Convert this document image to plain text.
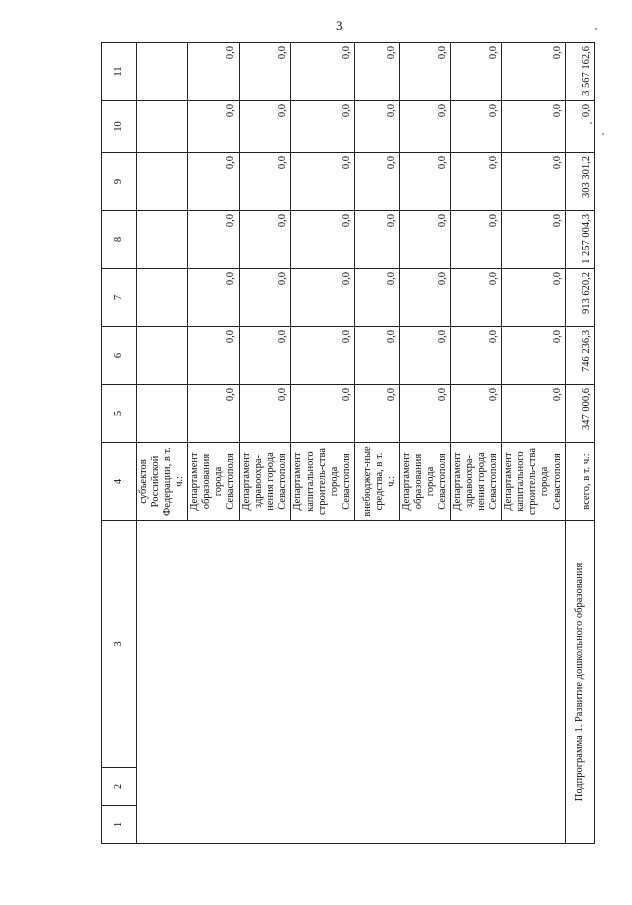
3
1	2	3	4	5	6	7	8	9	10	11
			субъектов Российской Федерации, в т. ч.:							
			Департамент образования города Севастополя	0,0	0,0	0,0	0,0	0,0	0,0	0,0
			Департамент здравоохра-нения города Севастополя	0,0	0,0	0,0	0,0	0,0	0,0	0,0
			Департамент капитального строитель-ства города Севастополя	0,0	0,0	0,0	0,0	0,0	0,0	0,0
			внебюджет-ные средства, в т. ч.:	0,0	0,0	0,0	0,0	0,0	0,0	0,0
			Департамент образования города Севастополя	0,0	0,0	0,0	0,0	0,0	0,0	0,0
			Департамент здравоохра-нения города Севастополя	0,0	0,0	0,0	0,0	0,0	0,0	0,0
			Департамент капитального строитель-ства города Севастополя	0,0	0,0	0,0	0,0	0,0	0,0	0,0
Подпрограмма 1. Развитие дошкольного образования			всего, в т. ч.:	347 000,6	746 236,3	913 620,2	1 257 004,3	303 301,2	0,0	3 567 162,6
